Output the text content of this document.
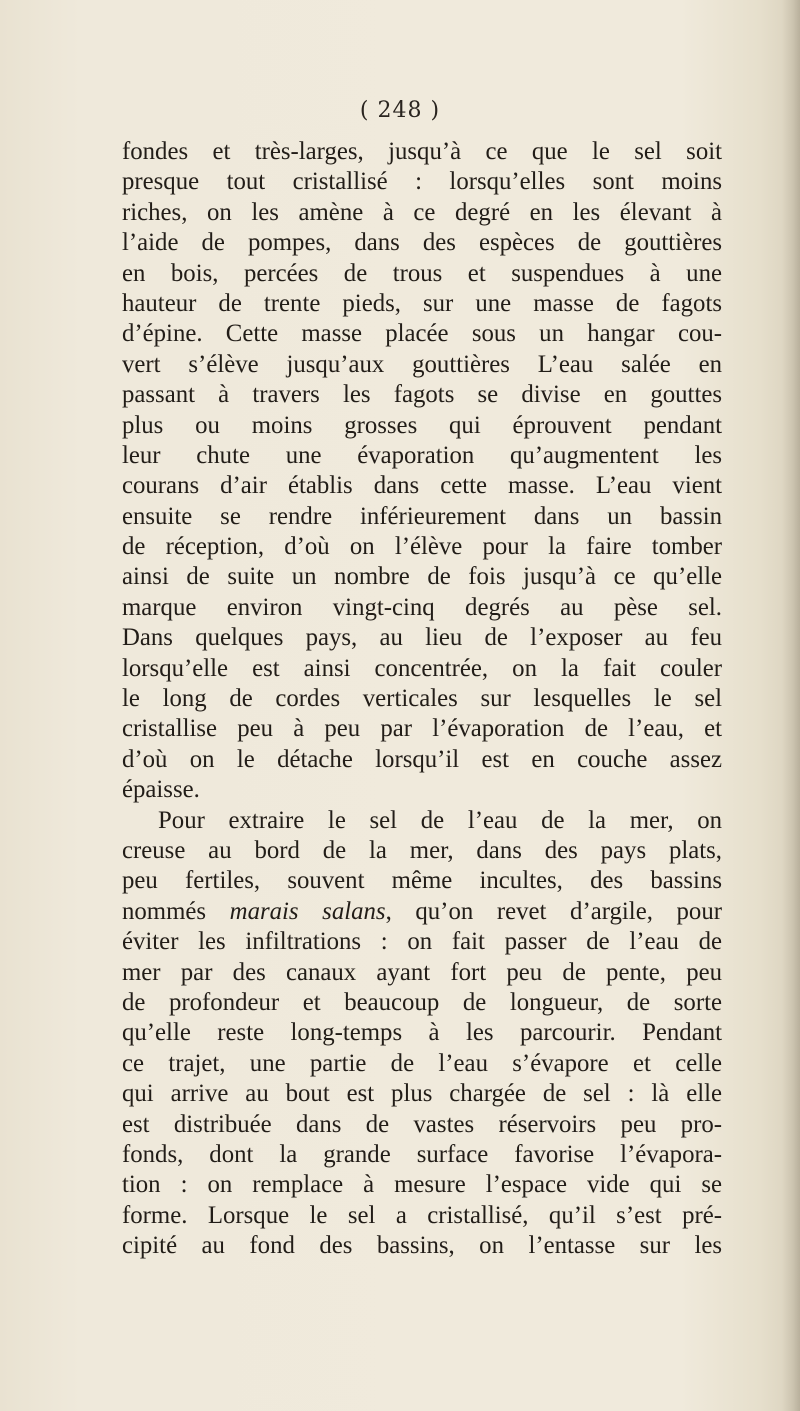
( 248 )
fondes et très-larges, jusqu’à ce que le sel soit
presque tout cristallisé : lorsqu’elles sont moins
riches, on les amène à ce degré en les élevant à
l’aide de pompes, dans des espèces de gouttières
en bois, percées de trous et suspendues à une
hauteur de trente pieds, sur une masse de fagots
d’épine. Cette masse placée sous un hangar cou-
vert s’élève jusqu’aux gouttières L’eau salée en
passant à travers les fagots se divise en gouttes
plus ou moins grosses qui éprouvent pendant
leur chute une évaporation qu’augmentent les
courans d’air établis dans cette masse. L’eau vient
ensuite se rendre inférieurement dans un bassin
de réception, d’où on l’élève pour la faire tomber
ainsi de suite un nombre de fois jusqu’à ce qu’elle
marque environ vingt-cinq degrés au pèse sel.
Dans quelques pays, au lieu de l’exposer au feu
lorsqu’elle est ainsi concentrée, on la fait couler
le long de cordes verticales sur lesquelles le sel
cristallise peu à peu par l’évaporation de l’eau, et
d’où on le détache lorsqu’il est en couche assez
épaisse.
Pour extraire le sel de l’eau de la mer, on
creuse au bord de la mer, dans des pays plats,
peu fertiles, souvent même incultes, des bassins
nommés marais salans, qu’on revet d’argile, pour
éviter les infiltrations : on fait passer de l’eau de
mer par des canaux ayant fort peu de pente, peu
de profondeur et beaucoup de longueur, de sorte
qu’elle reste long-temps à les parcourir. Pendant
ce trajet, une partie de l’eau s’évapore et celle
qui arrive au bout est plus chargée de sel : là elle
est distribuée dans de vastes réservoirs peu pro-
fonds, dont la grande surface favorise l’évapora-
tion : on remplace à mesure l’espace vide qui se
forme. Lorsque le sel a cristallisé, qu’il s’est pré-
cipité au fond des bassins, on l’entasse sur les
